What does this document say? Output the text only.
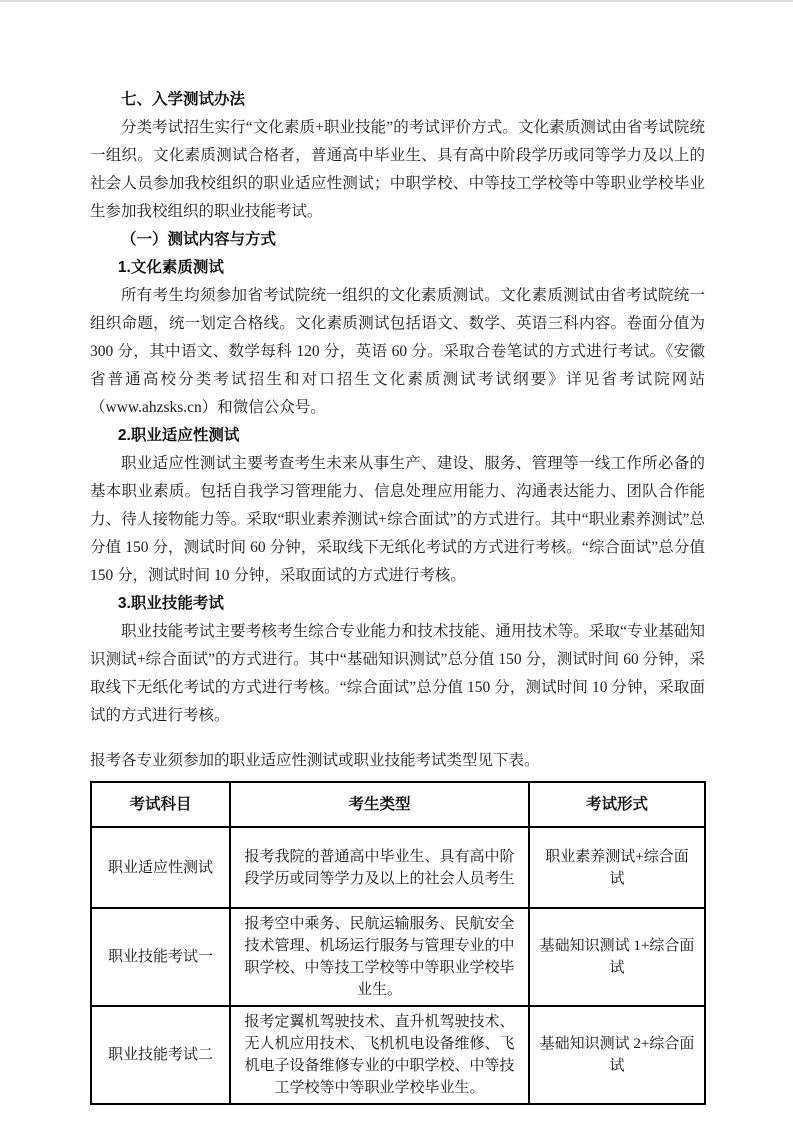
七、入学测试办法

分类考试招生实行“文化素质+职业技能”的考试评价方式。文化素质测试由省考试院统一组织。文化素质测试合格者，普通高中毕业生、具有高中阶段学历或同等学力及以上的社会人员参加我校组织的职业适应性测试；中职学校、中等技工学校等中等职业学校毕业生参加我校组织的职业技能考试。

（一）测试内容与方式
1.文化素质测试

所有考生均须参加省考试院统一组织的文化素质测试。文化素质测试由省考试院统一组织命题，统一划定合格线。文化素质测试包括语文、数学、英语三科内容。卷面分值为 300 分，其中语文、数学每科 120 分，英语 60 分。采取合卷笔试的方式进行考试。《安徽省普通高校分类考试招生和对口招生文化素质测试考试纲要》详见省考试院网站（www.ahzsks.cn）和微信公众号。

2.职业适应性测试

职业适应性测试主要考查考生未来从事生产、建设、服务、管理等一线工作所必备的基本职业素质。包括自我学习管理能力、信息处理应用能力、沟通表达能力、团队合作能力、待人接物能力等。采取“职业素养测试+综合面试”的方式进行。其中“职业素养测试”总分值 150 分，测试时间 60 分钟，采取线下无纸化考试的方式进行考核。“综合面试”总分值 150 分，测试时间 10 分钟，采取面试的方式进行考核。

3.职业技能考试

职业技能考试主要考核考生综合专业能力和技术技能、通用技术等。采取“专业基础知识测试+综合面试”的方式进行。其中“基础知识测试”总分值 150 分，测试时间 60 分钟，采取线下无纸化考试的方式进行考核。“综合面试”总分值 150 分，测试时间 10 分钟，采取面试的方式进行考核。

报考各专业须参加的职业适应性测试或职业技能考试类型见下表。

考试科目	考生类型	考试形式
职业适应性测试	报考我院的普通高中毕业生、具有高中阶段学历或同等学力及以上的社会人员考生	职业素养测试+综合面试
职业技能考试一	报考空中乘务、民航运输服务、民航安全技术管理、机场运行服务与管理专业的中职学校、中等技工学校等中等职业学校毕业生。	基础知识测试 1+综合面试
职业技能考试二	报考定翼机驾驶技术、直升机驾驶技术、无人机应用技术、飞机机电设备维修、飞机电子设备维修专业的中职学校、中等技工学校等中等职业学校毕业生。	基础知识测试 2+综合面试
